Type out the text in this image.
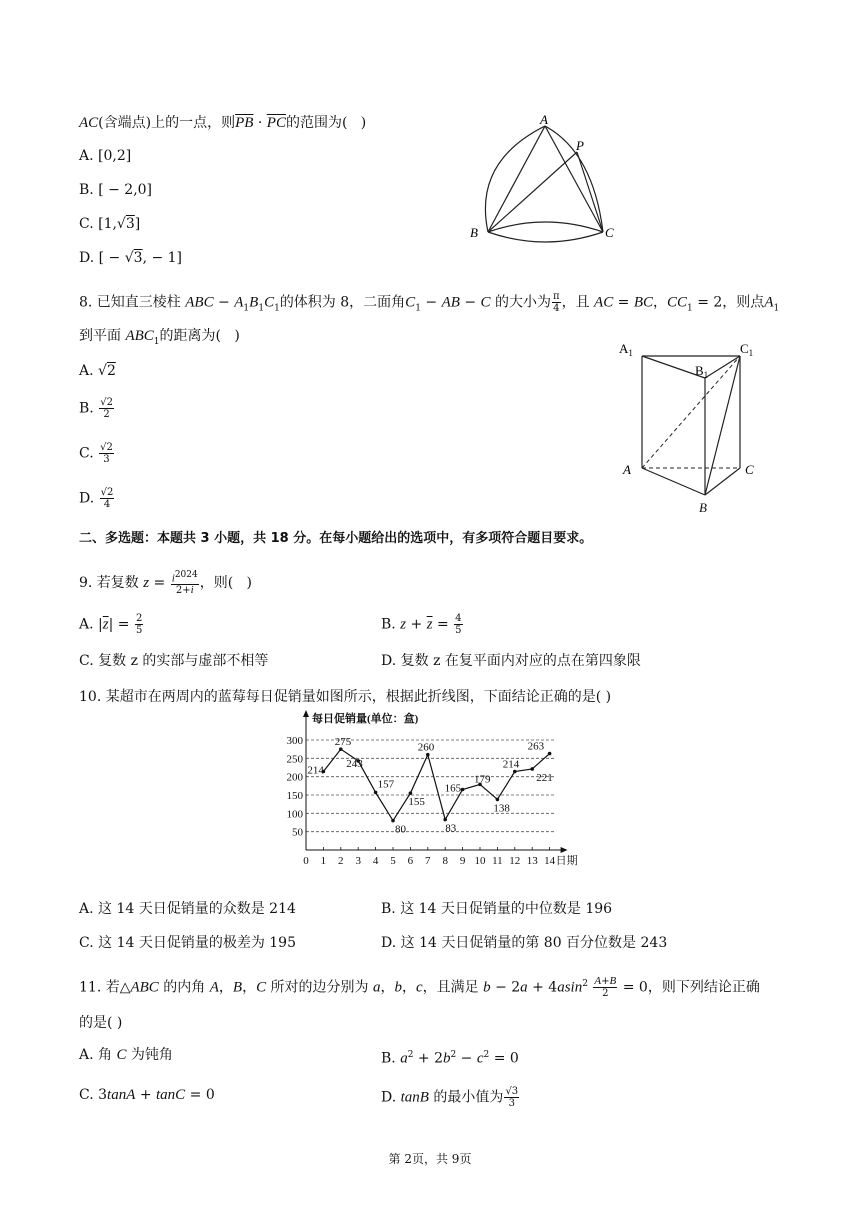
AC(含端点)上的一点，则$\overline{PB} \cdot \overline{PC}$的范围为(   )
A. [0,2]
B. [ − 2,0]
C. [1,√3]
D. [ − √3, − 1]
A
P
B	C
8. 已知直三棱柱 ABC − $A_1B_1C_1$的体积为 8，二面角$C_1$ − AB − C 的大小为 $\frac{\pi}{4}$ ，且 AC = BC，$CC_1 = 2$，则点$A_1$
到平面 $ABC_1$的距离为(   )
A. √2
B. $\frac{√2}{2}$
C. $\frac{√2}{3}$
D. $\frac{√2}{4}$
$A_1$
$B_1$
$C_1$
A	C
B
二、多选题：本题共 3 小题，共 18 分。在每小题给出的选项中，有多项符合题目要求。
9. 若复数 $z = \frac{i^{2024}}{2+i}$ ，则(   )
A. $|\overline{z}| = \frac{2}{5}$	B. $z + \overline{z} = \frac{4}{5}$
C. 复数 z 的实部与虚部不相等	D. 复数 z 在复平面内对应的点在第四象限
10. 某超市在两周内的蓝莓每日促销量如图所示，根据此折线图，下面结论正确的是( )
50
100
150
200
250
300
每日促销量(单位：盒)
0 1 2 3 4 5 6 7 8 9 10 11 12 13 14 日期
214
275
243
157
80
155
260
83
165
179
138
214
221
263
A. 这 14 天日促销量的众数是 214	B. 这 14 天日促销量的中位数是 196
C. 这 14 天日促销量的极差为 195	D. 这 14 天日促销量的第 80 百分位数是 243
11. 若△ABC 的内角 A，B，C 所对的边分别为 a，b，c，且满足 $b - 2a + 4asin^2 \frac{A+B}{2} = 0$，则下列结论正确
的是( )
A. 角 C 为钝角	B. $a^2 + 2b^2 - c^2 = 0$
C. 3tanA + tanC = 0	D. tanB 的最小值为 $\frac{√3}{3}$
第 2页，共 9页
